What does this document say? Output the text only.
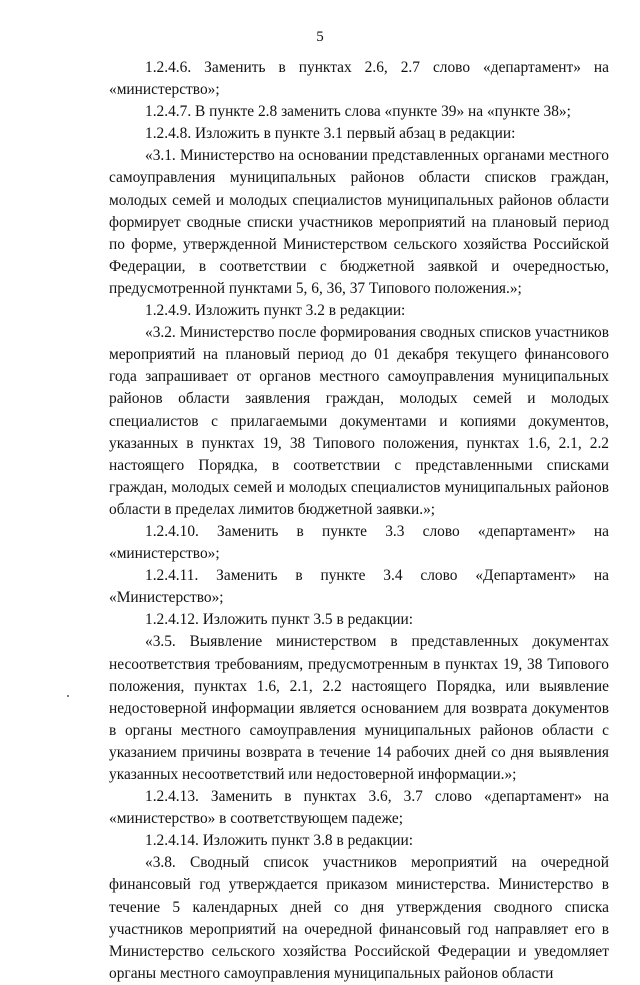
5

1.2.4.6. Заменить в пунктах 2.6, 2.7 слово «департамент» на «министерство»;

1.2.4.7. В пункте 2.8 заменить слова «пункте 39» на «пункте 38»;

1.2.4.8. Изложить в пункте 3.1 первый абзац в редакции:

«3.1. Министерство на основании представленных органами местного самоуправления муниципальных районов области списков граждан, молодых семей и молодых специалистов муниципальных районов области формирует сводные списки участников мероприятий на плановый период по форме, утвержденной Министерством сельского хозяйства Российской Федерации, в соответствии с бюджетной заявкой и очередностью, предусмотренной пунктами 5, 6, 36, 37 Типового положения.»;

1.2.4.9. Изложить пункт 3.2 в редакции:

«3.2. Министерство после формирования сводных списков участников мероприятий на плановый период до 01 декабря текущего финансового года запрашивает от органов местного самоуправления муниципальных районов области заявления граждан, молодых семей и молодых специалистов с прилагаемыми документами и копиями документов, указанных в пунктах 19, 38 Типового положения, пунктах 1.6, 2.1, 2.2 настоящего Порядка, в соответствии с представленными списками граждан, молодых семей и молодых специалистов муниципальных районов области в пределах лимитов бюджетной заявки.»;

1.2.4.10. Заменить в пункте 3.3 слово «департамент» на «министерство»;

1.2.4.11. Заменить в пункте 3.4 слово «Департамент» на «Министерство»;

1.2.4.12. Изложить пункт 3.5 в редакции:

«3.5. Выявление министерством в представленных документах несоответствия требованиям, предусмотренным в пунктах 19, 38 Типового положения, пунктах 1.6, 2.1, 2.2 настоящего Порядка, или выявление недостоверной информации является основанием для возврата документов в органы местного самоуправления муниципальных районов области с указанием причины возврата в течение 14 рабочих дней со дня выявления указанных несоответствий или недостоверной информации.»;

1.2.4.13. Заменить в пунктах 3.6, 3.7 слово «департамент» на «министерство» в соответствующем падеже;

1.2.4.14. Изложить пункт 3.8 в редакции:

«3.8. Сводный список участников мероприятий на очередной финансовый год утверждается приказом министерства. Министерство в течение 5 календарных дней со дня утверждения сводного списка участников мероприятий на очередной финансовый год направляет его в Министерство сельского хозяйства Российской Федерации и уведомляет органы местного самоуправления муниципальных районов области
